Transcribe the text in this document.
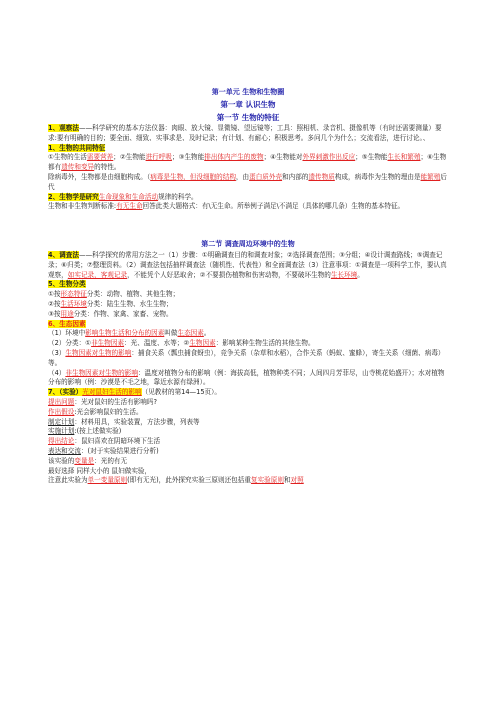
第一单元 生物和生物圈
第一章 认识生物
第一节 生物的特征

1、观察法——科学研究的基本方法仪器：肉眼、放大镜、显微镜、望远镜等；工具：照相机、录音机、摄像机等（有时还需要测量）要求:要有明确的目的；要全面、细致、实事求是、及时记录；有计划、有耐心；积极思考。多问几个为什么；交流看法，进行讨论。、

1、生物的共同特征

①生物的生活需要营养；②生物能进行呼吸；③生物能排出体内产生的废物；④生物能对外界刺激作出反应；⑤生物能生长和繁殖；⑥生物都有遗传和变异的特性。

除病毒外，生物都是由细胞构成。（病毒是生物，但没细胞的结构，由蛋白质外壳和内部的遗传物质构成，病毒作为生物的理由是能繁殖后代

2、生物学是研究生命现象和生命活动规律的科学。

生物和非生物判断标准:有无生命回答此类大题格式：有\无生命。所举例子满足\不满足（具体的哪几条）生物的基本特征。

第二节 调查周边环境中的生物

4、调查法——科学探究的常用方法之一（1）步骤：①明确调查目的和调查对象；②选择调查范围；③分组；④设计调查路线；⑤调查记录；⑥归类；⑦整理资料。（2）调查法包括抽样调查法（随机性、代表性）和全面调查法（3）注意事项：①调查是一项科学工作，要认真观察，如实记录，客观记录，不能凭个人好恶取舍；②不要损伤植物和伤害动物，不要破坏生物的生长环境。

5、生物分类

①按形态特征分类：动物、植物、其他生物；

②按生活环境分类：陆生生物、水生生物；

③按用途分类：作物、家禽、家畜、宠物。

6、生态因素

（1）环境中影响生物生活和分布的因素叫做生态因素。

（2）分类：①非生物因素：光、温度、水等；②生物因素：影响某种生物生活的其他生物。

（3）生物因素对生物的影响：捕食关系（瓢虫捕食蚜虫），竞争关系（杂草和水稻），合作关系（蚂蚁、蜜蜂），寄生关系（细菌、病毒）等。

（4）非生物因素对生物的影响：温度对植物分布的影响（例：海拔高低，植物种类不同；人间四月芳菲尽，山寺桃花始盛开）；水对植物分布的影响（例：沙漠是不毛之地，靠近水源有绿洲）。

7、（实验）光对鼠妇生活的影响（见教材的第14—15页）。

提出问题：光对鼠妇的生活有影响吗?

作出假设:光会影响鼠妇的生活。

制定计划：材料用具，实验装置，方法步骤，列表等

实施计划:(按上述做实验)

得出结论：鼠妇喜欢在阴暗环境下生活

表达和交流：(对于实验结果进行分析)

该实验的变量是：光的有无

最好选择 同样大小的 鼠妇做实验，

注意此实验为单一变量原则(即有无光)，此外探究实验三原则还包括重复实验原则和对照
